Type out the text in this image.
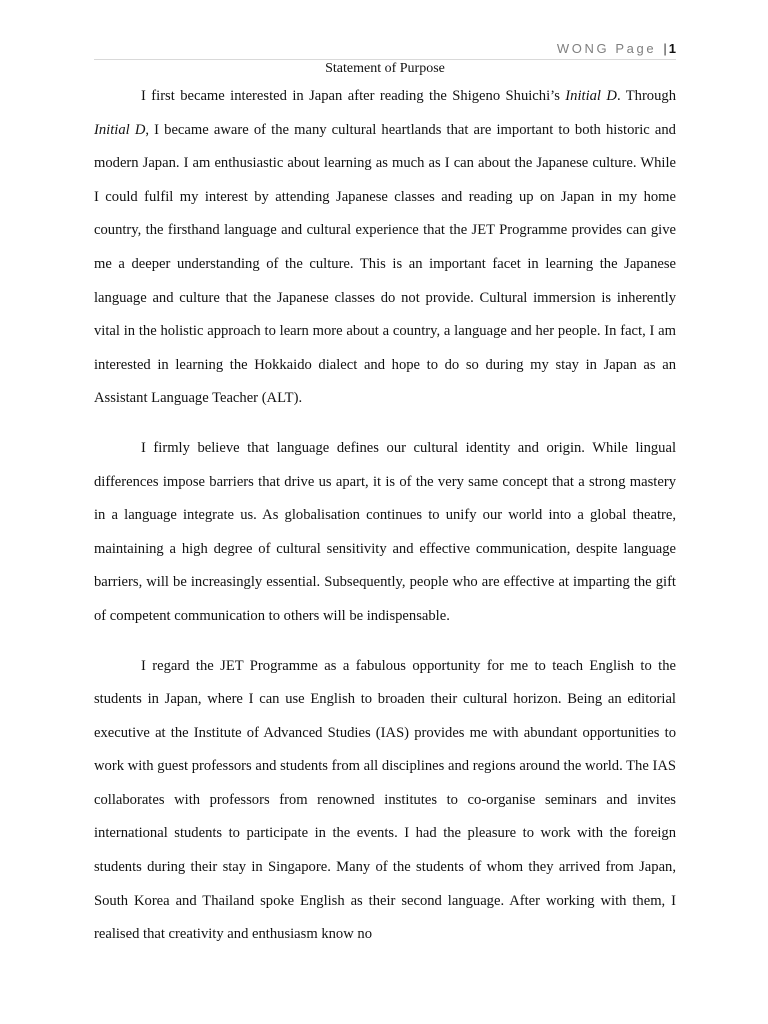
WONG Page | 1
Statement of Purpose

I first became interested in Japan after reading the Shigeno Shuichi’s Initial D. Through Initial D, I became aware of the many cultural heartlands that are important to both historic and modern Japan. I am enthusiastic about learning as much as I can about the Japanese culture. While I could fulfil my interest by attending Japanese classes and reading up on Japan in my home country, the firsthand language and cultural experience that the JET Programme provides can give me a deeper understanding of the culture. This is an important facet in learning the Japanese language and culture that the Japanese classes do not provide. Cultural immersion is inherently vital in the holistic approach to learn more about a country, a language and her people. In fact, I am interested in learning the Hokkaido dialect and hope to do so during my stay in Japan as an Assistant Language Teacher (ALT).

I firmly believe that language defines our cultural identity and origin. While lingual differences impose barriers that drive us apart, it is of the very same concept that a strong mastery in a language integrate us. As globalisation continues to unify our world into a global theatre, maintaining a high degree of cultural sensitivity and effective communication, despite language barriers, will be increasingly essential. Subsequently, people who are effective at imparting the gift of competent communication to others will be indispensable.

I regard the JET Programme as a fabulous opportunity for me to teach English to the students in Japan, where I can use English to broaden their cultural horizon. Being an editorial executive at the Institute of Advanced Studies (IAS) provides me with abundant opportunities to work with guest professors and students from all disciplines and regions around the world. The IAS collaborates with professors from renowned institutes to co-organise seminars and invites international students to participate in the events. I had the pleasure to work with the foreign students during their stay in Singapore. Many of the students of whom they arrived from Japan, South Korea and Thailand spoke English as their second language. After working with them, I realised that creativity and enthusiasm know no
